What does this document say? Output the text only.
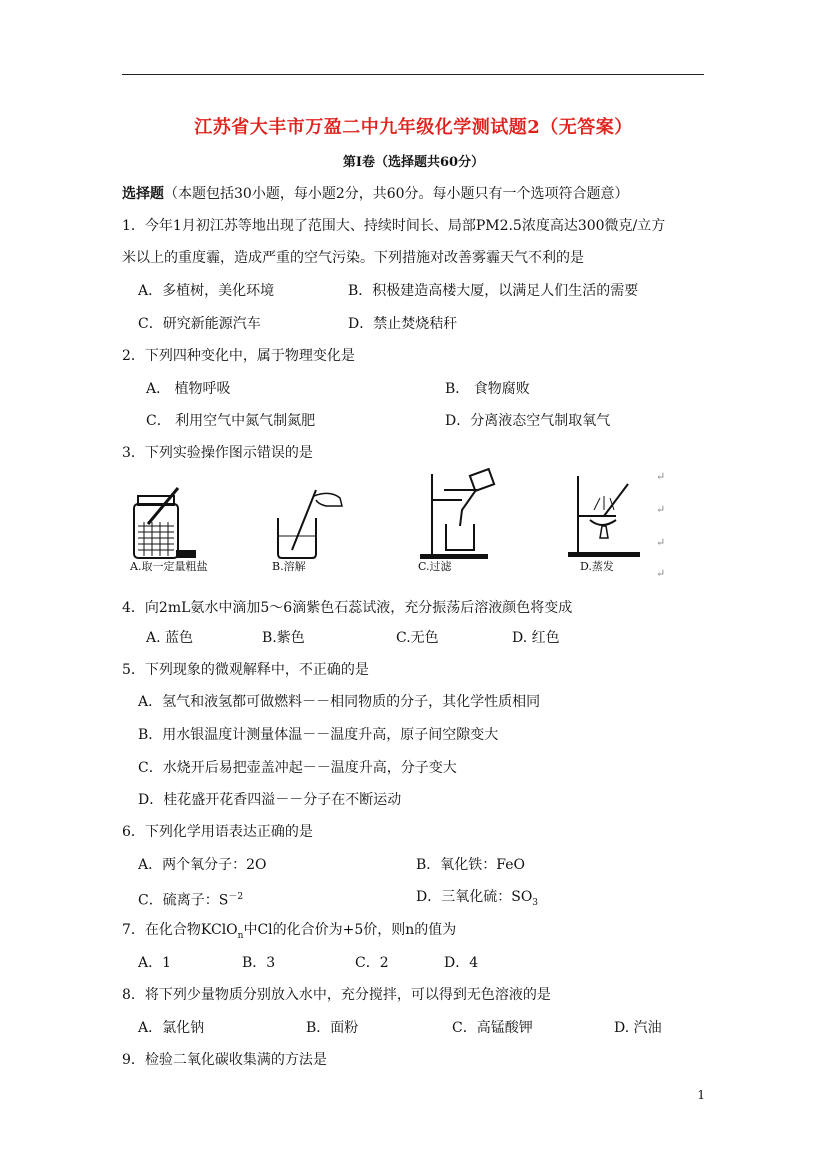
江苏省大丰市万盈二中九年级化学测试题2（无答案）
第Ⅰ卷（选择题共60分）
选择题（本题包括30小题，每小题2分，共60分。每小题只有一个选项符合题意）
1．今年1月初江苏等地出现了范围大、持续时间长、局部PM2.5浓度高达300微克/立方
米以上的重度霾，造成严重的空气污染。下列措施对改善雾霾天气不利的是
A．多植树，美化环境	B．积极建造高楼大厦，以满足人们生活的需要
C．研究新能源汽车	D．禁止焚烧秸秆
2．下列四种变化中，属于物理变化是
A． 植物呼吸	B． 食物腐败
C． 利用空气中氮气制氮肥	D．分离液态空气制取氧气
3．下列实验操作图示错误的是
A.取一定量粗盐	B.溶解	C.过滤	D.蒸发
↵
↵
↵
↵
4．向2mL氨水中滴加5～6滴紫色石蕊试液，充分振荡后溶液颜色将变成
A. 蓝色	B.紫色	C.无色	D. 红色
5．下列现象的微观解释中，不正确的是
A．氢气和液氢都可做燃料－－相同物质的分子，其化学性质相同
B．用水银温度计测量体温－－温度升高，原子间空隙变大
C．水烧开后易把壶盖冲起－－温度升高，分子变大
D．桂花盛开花香四溢－－分子在不断运动
6．下列化学用语表达正确的是
A．两个氧分子：2O	B．氧化铁：FeO
C．硫离子：$S^{-2}$	D．三氧化硫：$SO_3$
7．在化合物KClO$_n$中Cl的化合价为+5价，则n的值为
A．1	B．3	C．2	D．4
8．将下列少量物质分别放入水中，充分搅拌，可以得到无色溶液的是
A．氯化钠	B．面粉	C．高锰酸钾	D. 汽油
9．检验二氧化碳收集满的方法是
1
